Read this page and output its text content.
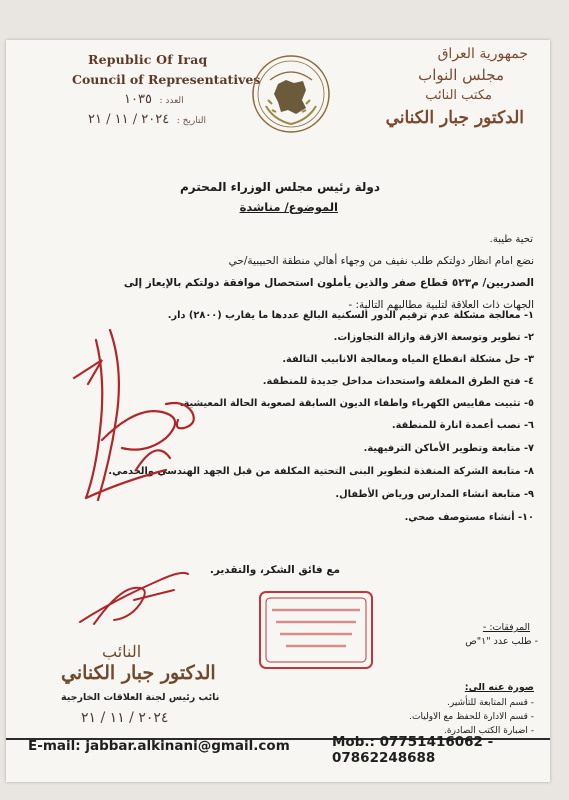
Republic Of Iraq
Council of Representatives
العدد : ١٠٣٥
التاريخ : ٢٠٢٤ / ١١ / ٢١
جمهورية العراق
مجلس النواب
مكتب النائب
الدكتور جبار الكناني
دولة رئيس مجلس الوزراء المحترم
الموضوع/ مناشدة
تحية طيبة.
نضع امام انظار دولتكم طلب نفيف من وجهاء أهالي منطقة الحبيبية/حي
الصدريين/ م٥٢٣ قطاع صفر والذين يأملون استحصال موافقة دولتكم بالإيعاز إلى
الجهات ذات العلاقة لتلبية مطالبهم التالية: -
١- معالجة مشكلة عدم ترقيم الدور السكنية البالغ عددها ما يقارب (٢٨٠٠) دار.
٢- تطوير وتوسعة الازقة وازالة التجاوزات.
٣- حل مشكلة انقطاع المياه ومعالجة الانابيب التالفة.
٤- فتح الطرق المغلقة واستحداث مداخل جديدة للمنطقة.
٥- تثبيت مقاييس الكهرباء واطفاء الديون السابقة لصعوبة الحالة المعيشية.
٦- نصب أعمدة انارة للمنطقة.
٧- متابعة وتطوير الأماكن الترفيهية.
٨- متابعة الشركة المنفذة لتطوير البنى التحتية المكلفة من قبل الجهد الهندسي والخدمي.
٩- متابعة انشاء المدارس ورياض الأطفال.
١٠- أنشاء مستوصف صحي.
مع فائق الشكر، والتقدير.
المرفقات: -
- طلب عدد "١"ص
النائب
الدكتور جبار الكناني
نائب رئيس لجنة العلاقات الخارجية
٢٠٢٤ / ١١ / ٢١
صورة عنه الى:
- قسم المتابعة للتأشير.
- قسم الادارة للحفظ مع الاوليات.
- اضبارة الكتب الصادرة.
E-mail: jabbar.alkinani@gmail.com	Mob.: 07751416062 - 07862248688
